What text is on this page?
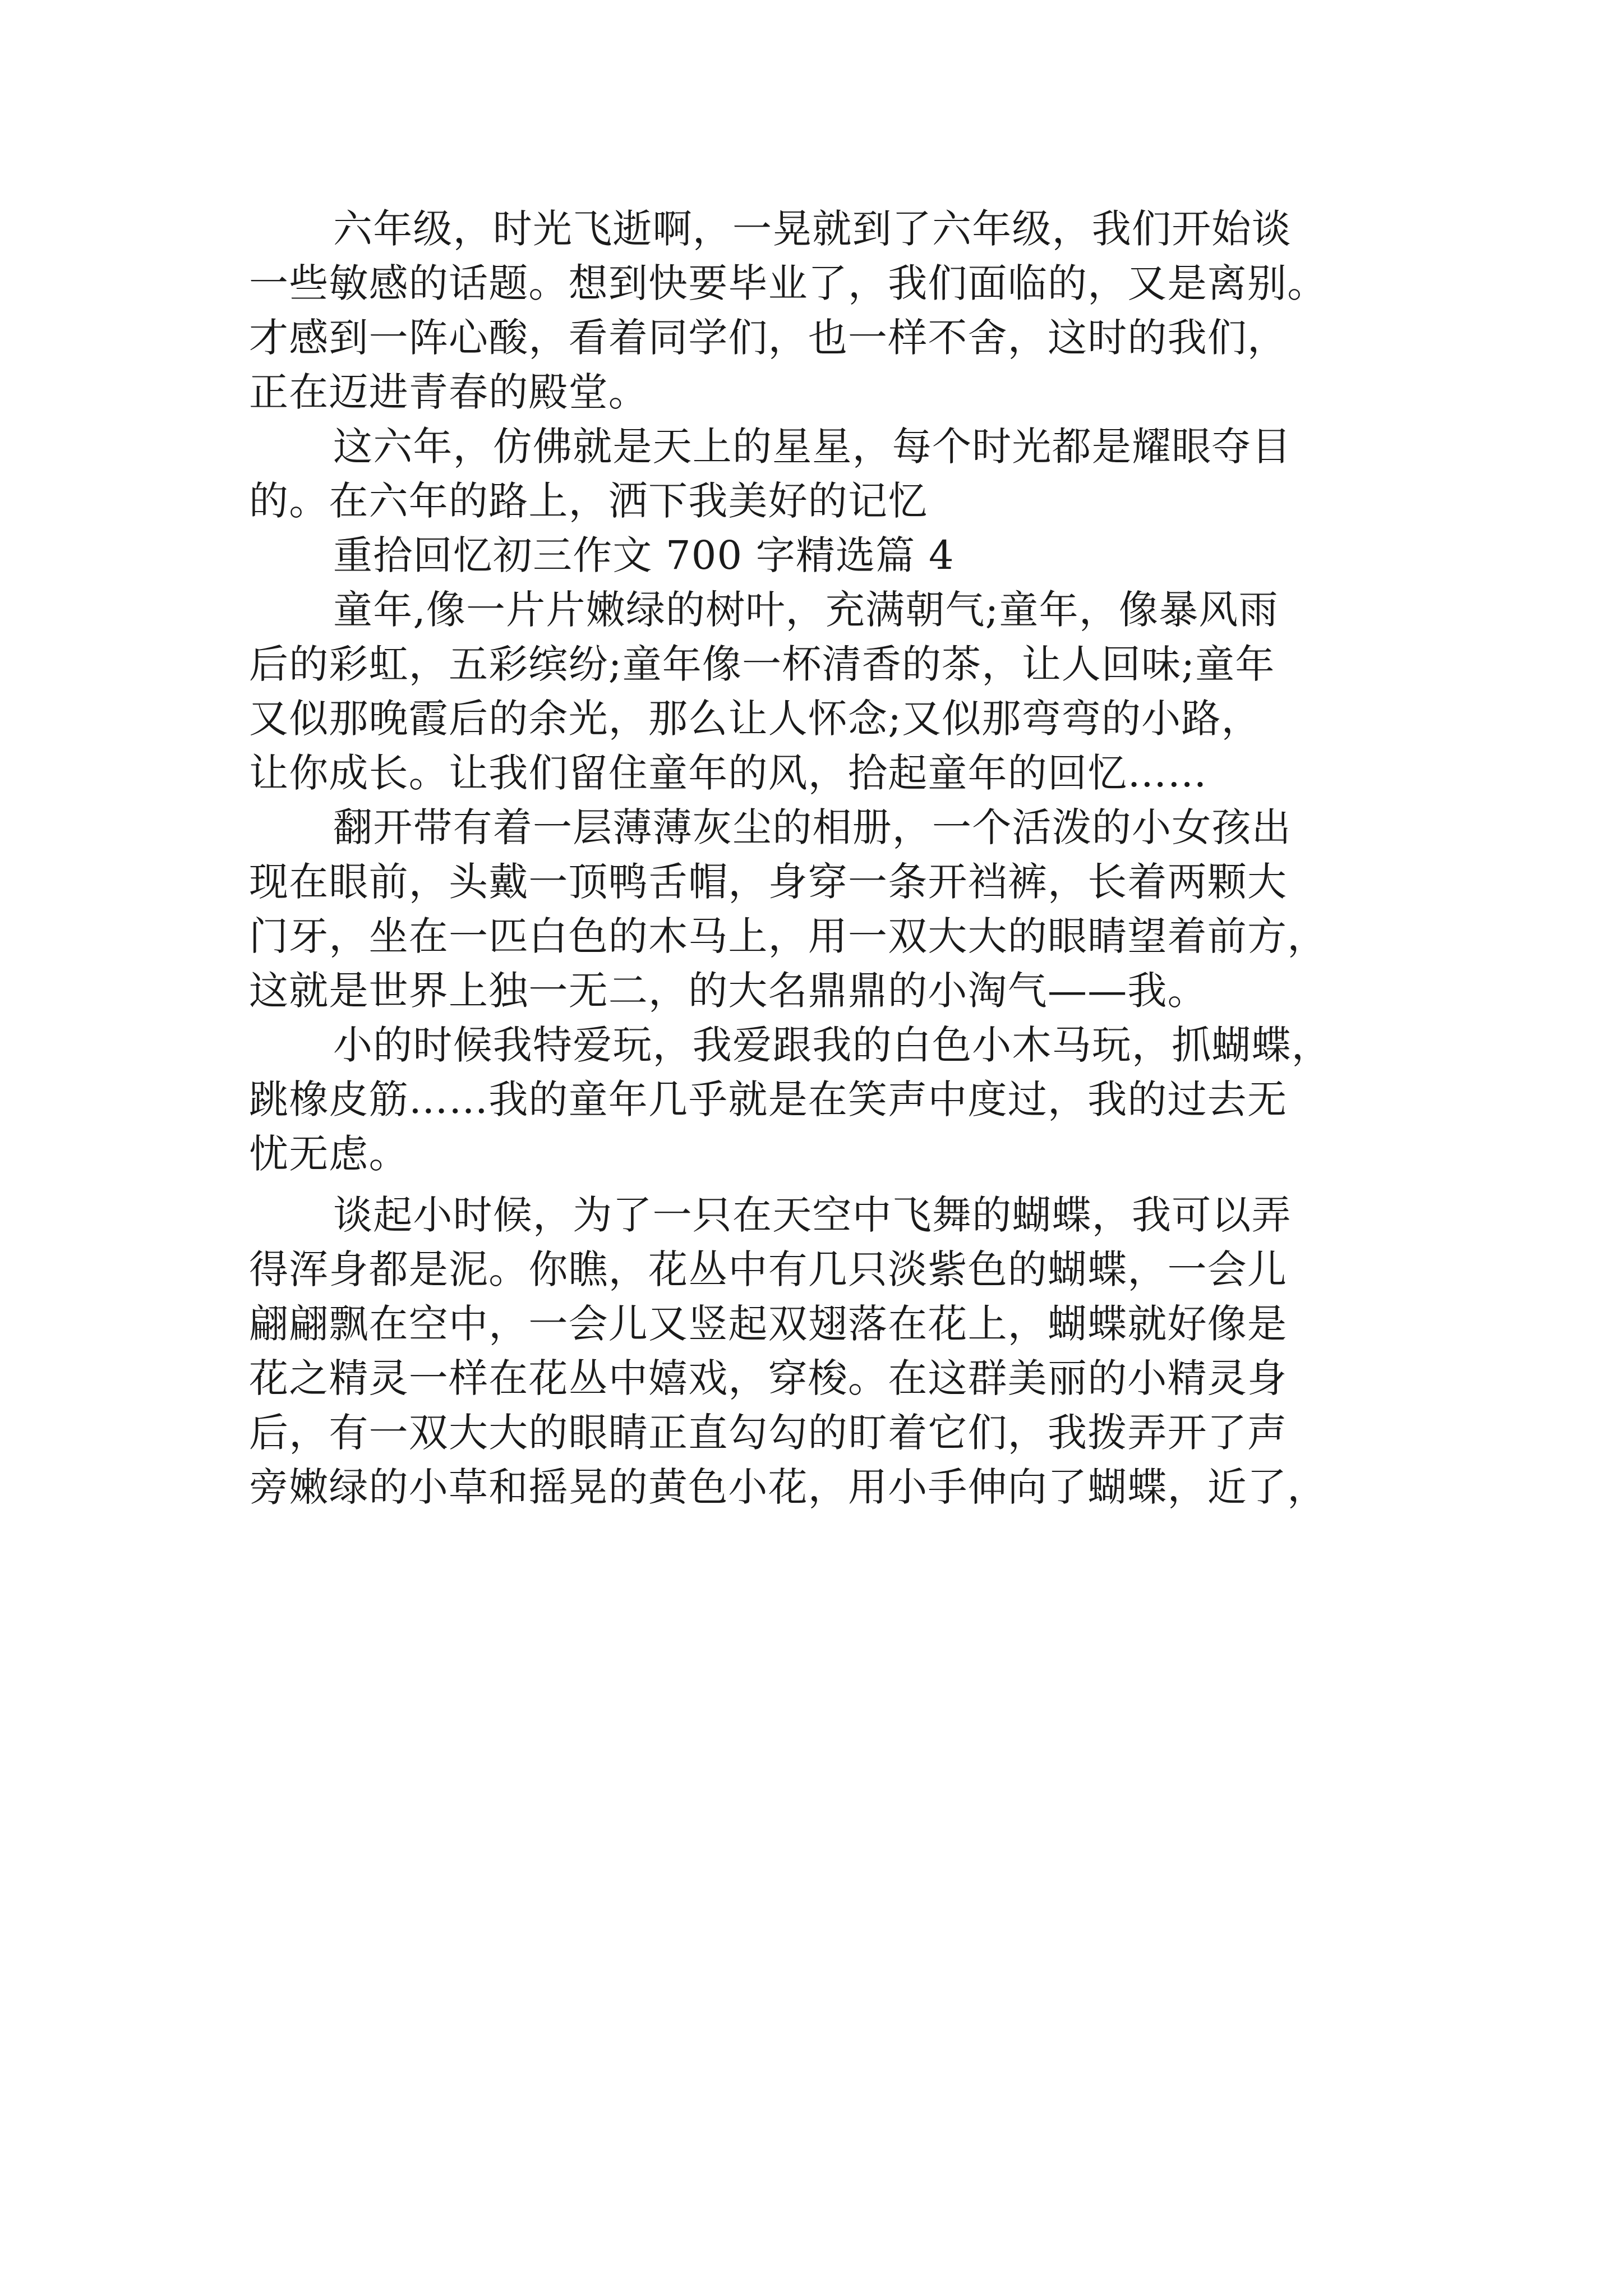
六年级，时光飞逝啊，一晃就到了六年级，我们开始谈
一些敏感的话题。想到快要毕业了，我们面临的，又是离别。
才感到一阵心酸，看着同学们，也一样不舍，这时的我们，
正在迈进青春的殿堂。
这六年，仿佛就是天上的星星，每个时光都是耀眼夺目
的。在六年的路上，洒下我美好的记忆
重拾回忆初三作文 700 字精选篇 4
童年,像一片片嫩绿的树叶，充满朝气;童年，像暴风雨
后的彩虹，五彩缤纷;童年像一杯清香的茶，让人回味;童年
又似那晚霞后的余光，那么让人怀念;又似那弯弯的小路，
让你成长。让我们留住童年的风，拾起童年的回忆……
翻开带有着一层薄薄灰尘的相册，一个活泼的小女孩出
现在眼前，头戴一顶鸭舌帽，身穿一条开裆裤，长着两颗大
门牙，坐在一匹白色的木马上，用一双大大的眼睛望着前方，
这就是世界上独一无二，的大名鼎鼎的小淘气——我。
小的时候我特爱玩，我爱跟我的白色小木马玩，抓蝴蝶，
跳橡皮筋……我的童年几乎就是在笑声中度过，我的过去无
忧无虑。
谈起小时候，为了一只在天空中飞舞的蝴蝶，我可以弄
得浑身都是泥。你瞧，花丛中有几只淡紫色的蝴蝶，一会儿
翩翩飘在空中，一会儿又竖起双翅落在花上，蝴蝶就好像是
花之精灵一样在花丛中嬉戏，穿梭。在这群美丽的小精灵身
后，有一双大大的眼睛正直勾勾的盯着它们，我拨弄开了声
旁嫩绿的小草和摇晃的黄色小花，用小手伸向了蝴蝶，近了，
